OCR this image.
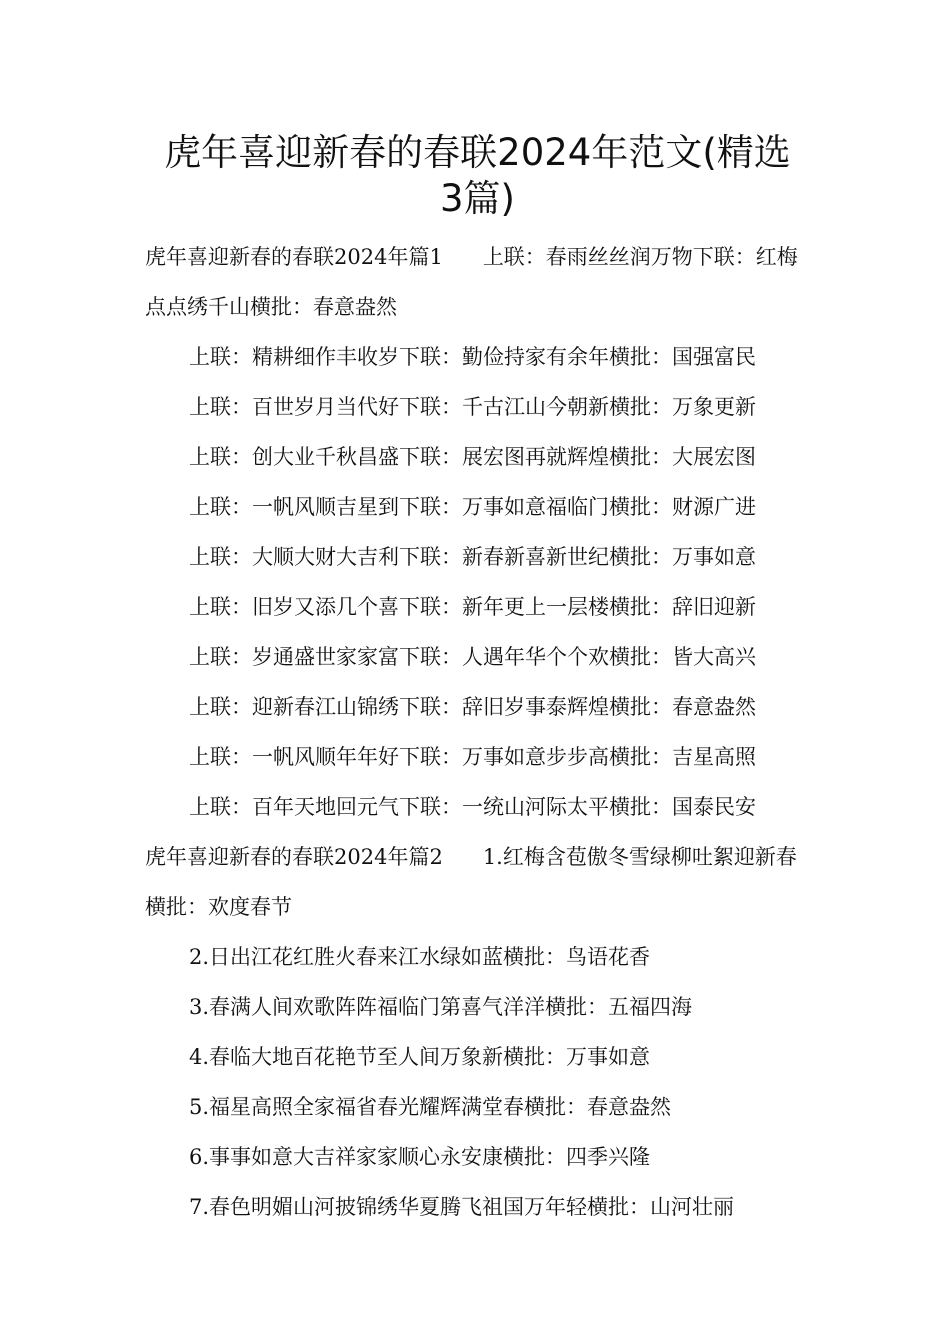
虎年喜迎新春的春联2024年范文(精选3篇)

虎年喜迎新春的春联2024年篇1 上联：春雨丝丝润万物下联：红梅点点绣千山横批：春意盎然

上联：精耕细作丰收岁下联：勤俭持家有余年横批：国强富民

上联：百世岁月当代好下联：千古江山今朝新横批：万象更新

上联：创大业千秋昌盛下联：展宏图再就辉煌横批：大展宏图

上联：一帆风顺吉星到下联：万事如意福临门横批：财源广进

上联：大顺大财大吉利下联：新春新喜新世纪横批：万事如意

上联：旧岁又添几个喜下联：新年更上一层楼横批：辞旧迎新

上联：岁通盛世家家富下联：人遇年华个个欢横批：皆大高兴

上联：迎新春江山锦绣下联：辞旧岁事泰辉煌横批：春意盎然

上联：一帆风顺年年好下联：万事如意步步高横批：吉星高照

上联：百年天地回元气下联：一统山河际太平横批：国泰民安

虎年喜迎新春的春联2024年篇2 1.红梅含苞傲冬雪绿柳吐絮迎新春横批：欢度春节

2.日出江花红胜火春来江水绿如蓝横批：鸟语花香

3.春满人间欢歌阵阵福临门第喜气洋洋横批：五福四海

4.春临大地百花艳节至人间万象新横批：万事如意

5.福星高照全家福省春光耀辉满堂春横批：春意盎然

6.事事如意大吉祥家家顺心永安康横批：四季兴隆

7.春色明媚山河披锦绣华夏腾飞祖国万年轻横批：山河壮丽
